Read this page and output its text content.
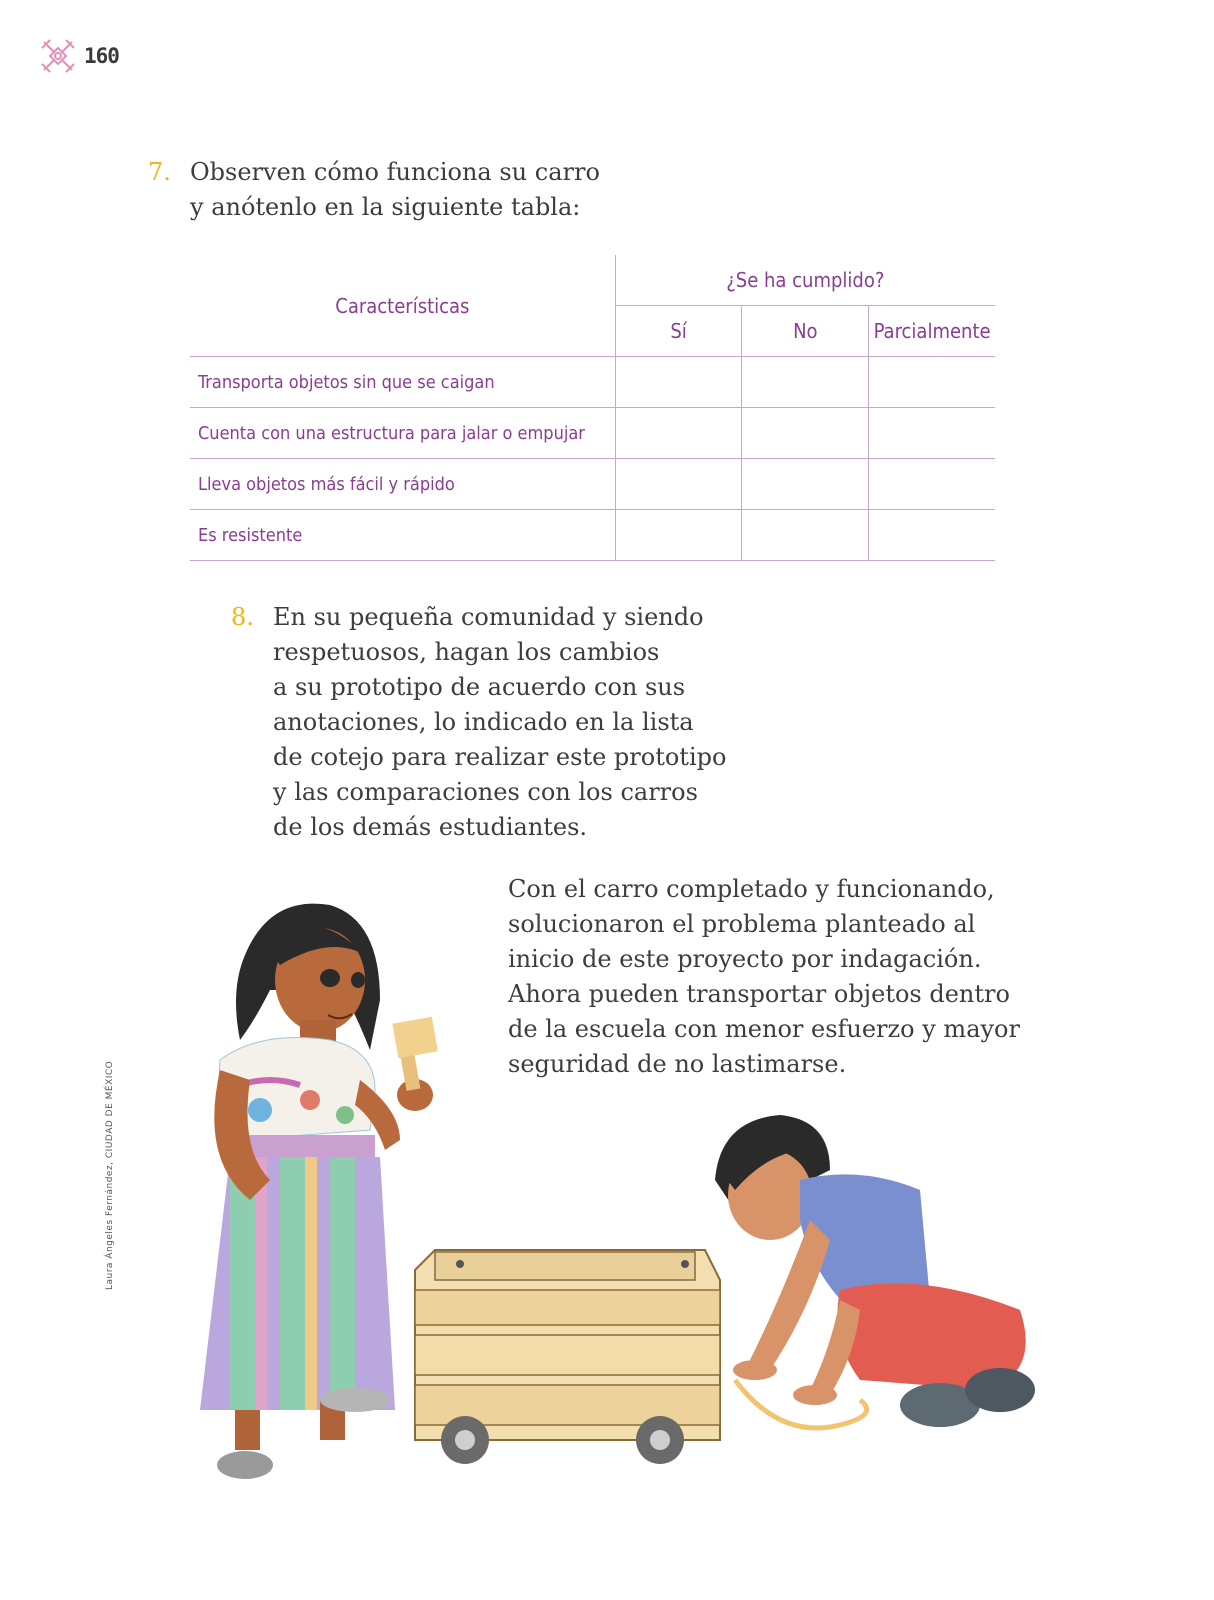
160
7. Observen cómo funciona su carro
y anótenlo en la siguiente tabla:
Características	¿Se ha cumplido?		
	Sí	No	Parcialmente
Transporta objetos sin que se caigan			
Cuenta con una estructura para jalar o empujar			
Lleva objetos más fácil y rápido			
Es resistente			
8. En su pequeña comunidad y siendo
respetuosos, hagan los cambios
a su prototipo de acuerdo con sus
anotaciones, lo indicado en la lista
de cotejo para realizar este prototipo
y las comparaciones con los carros
de los demás estudiantes.
Con el carro completado y funcionando,
solucionaron el problema planteado al
inicio de este proyecto por indagación.
Ahora pueden transportar objetos dentro
de la escuela con menor esfuerzo y mayor
seguridad de no lastimarse.
Laura Ángeles Fernández, CIUDAD DE MÉXICO
